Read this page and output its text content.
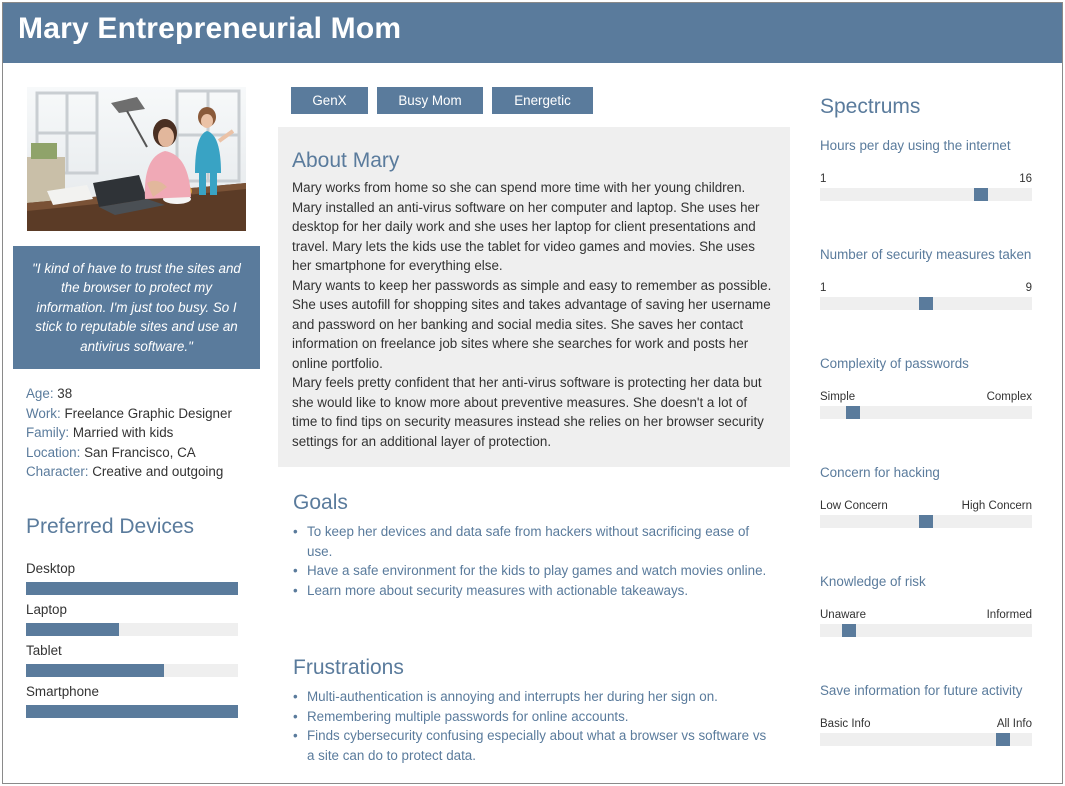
Mary Entrepreneurial Mom

"I kind of have to trust the sites and the browser to protect my information. I'm just too busy. So I stick to reputable sites and use an antivirus software."

Age: 38
Work: Freelance Graphic Designer
Family: Married with kids
Location: San Francisco, CA
Character: Creative and outgoing
Preferred Devices
Desktop
Laptop
Tablet
Smartphone
GenX	Busy Mom	Energetic
About Mary

Mary works from home so she can spend more time with her young children. Mary installed an anti-virus software on her computer and laptop. She uses her desktop for her daily work and she uses her laptop for client presentations and travel. Mary lets the kids use the tablet for video games and movies. She uses her smartphone for everything else.

Mary wants to keep her passwords as simple and easy to remember as possible. She uses autofill for shopping sites and takes advantage of saving her username and password on her banking and social media sites. She saves her contact information on freelance job sites where she searches for work and posts her online portfolio.

Mary feels pretty confident that her anti-virus software is protecting her data but she would like to know more about preventive measures. She doesn't a lot of time to find tips on security measures instead she relies on her browser security settings for an additional layer of protection.

Goals
• To keep her devices and data safe from hackers without sacrificing ease of use.
• Have a safe environment for the kids to play games and watch movies online.
• Learn more about security measures with actionable takeaways.
Frustrations
• Multi-authentication is annoying and interrupts her during her sign on.
• Remembering multiple passwords for online accounts.
• Finds cybersecurity confusing especially about what a browser vs software vs a site can do to protect data.
Spectrums
Hours per day using the internet
1	16
Number of security measures taken
1	9
Complexity of passwords
Simple	Complex
Concern for hacking
Low Concern	High Concern
Knowledge of risk
Unaware	Informed
Save information for future activity
Basic Info	All Info
